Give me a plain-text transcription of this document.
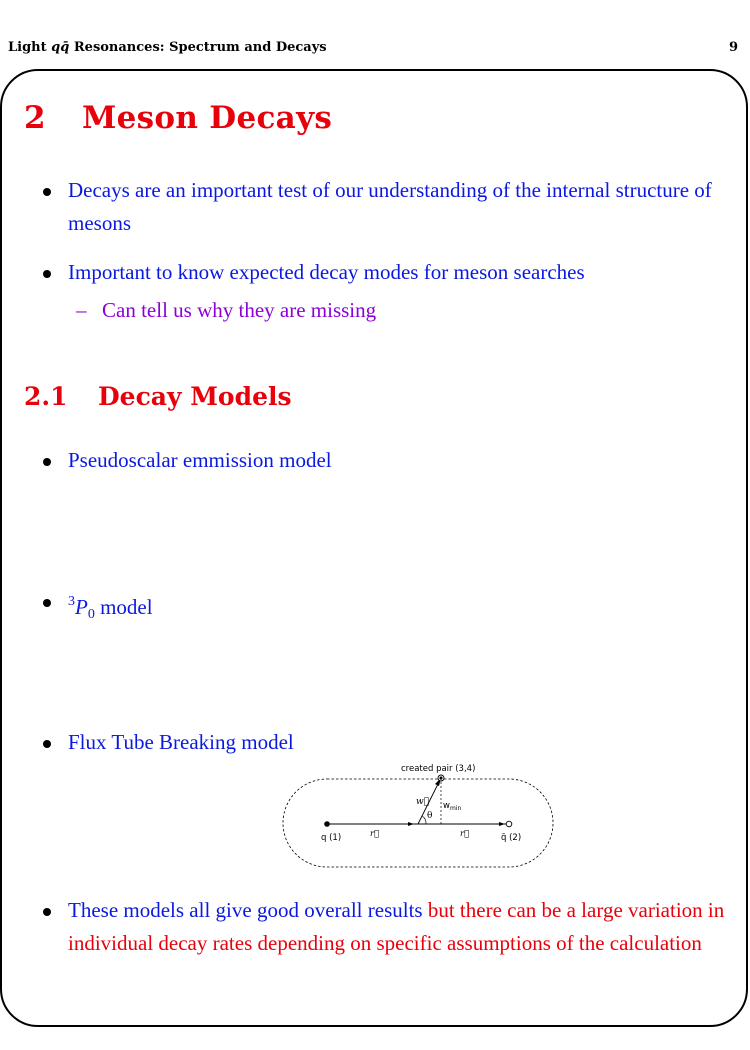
Light qq̄ Resonances: Spectrum and Decays	9
2 Meson Decays
Decays are an important test of our understanding of the internal structure of mesons
Important to know expected decay modes for meson searches
– Can tell us why they are missing
2.1 Decay Models
Pseudoscalar emmission model
$^3$P0 model
Flux Tube Breaking model
created pair (3,4)
q (1)	q̄ (2)
w⃗ $w_{min}$
θ
r⃗	r⃗
These models all give good overall results but there can be a large variation in individual decay rates depending on specific assumptions of the calculation
